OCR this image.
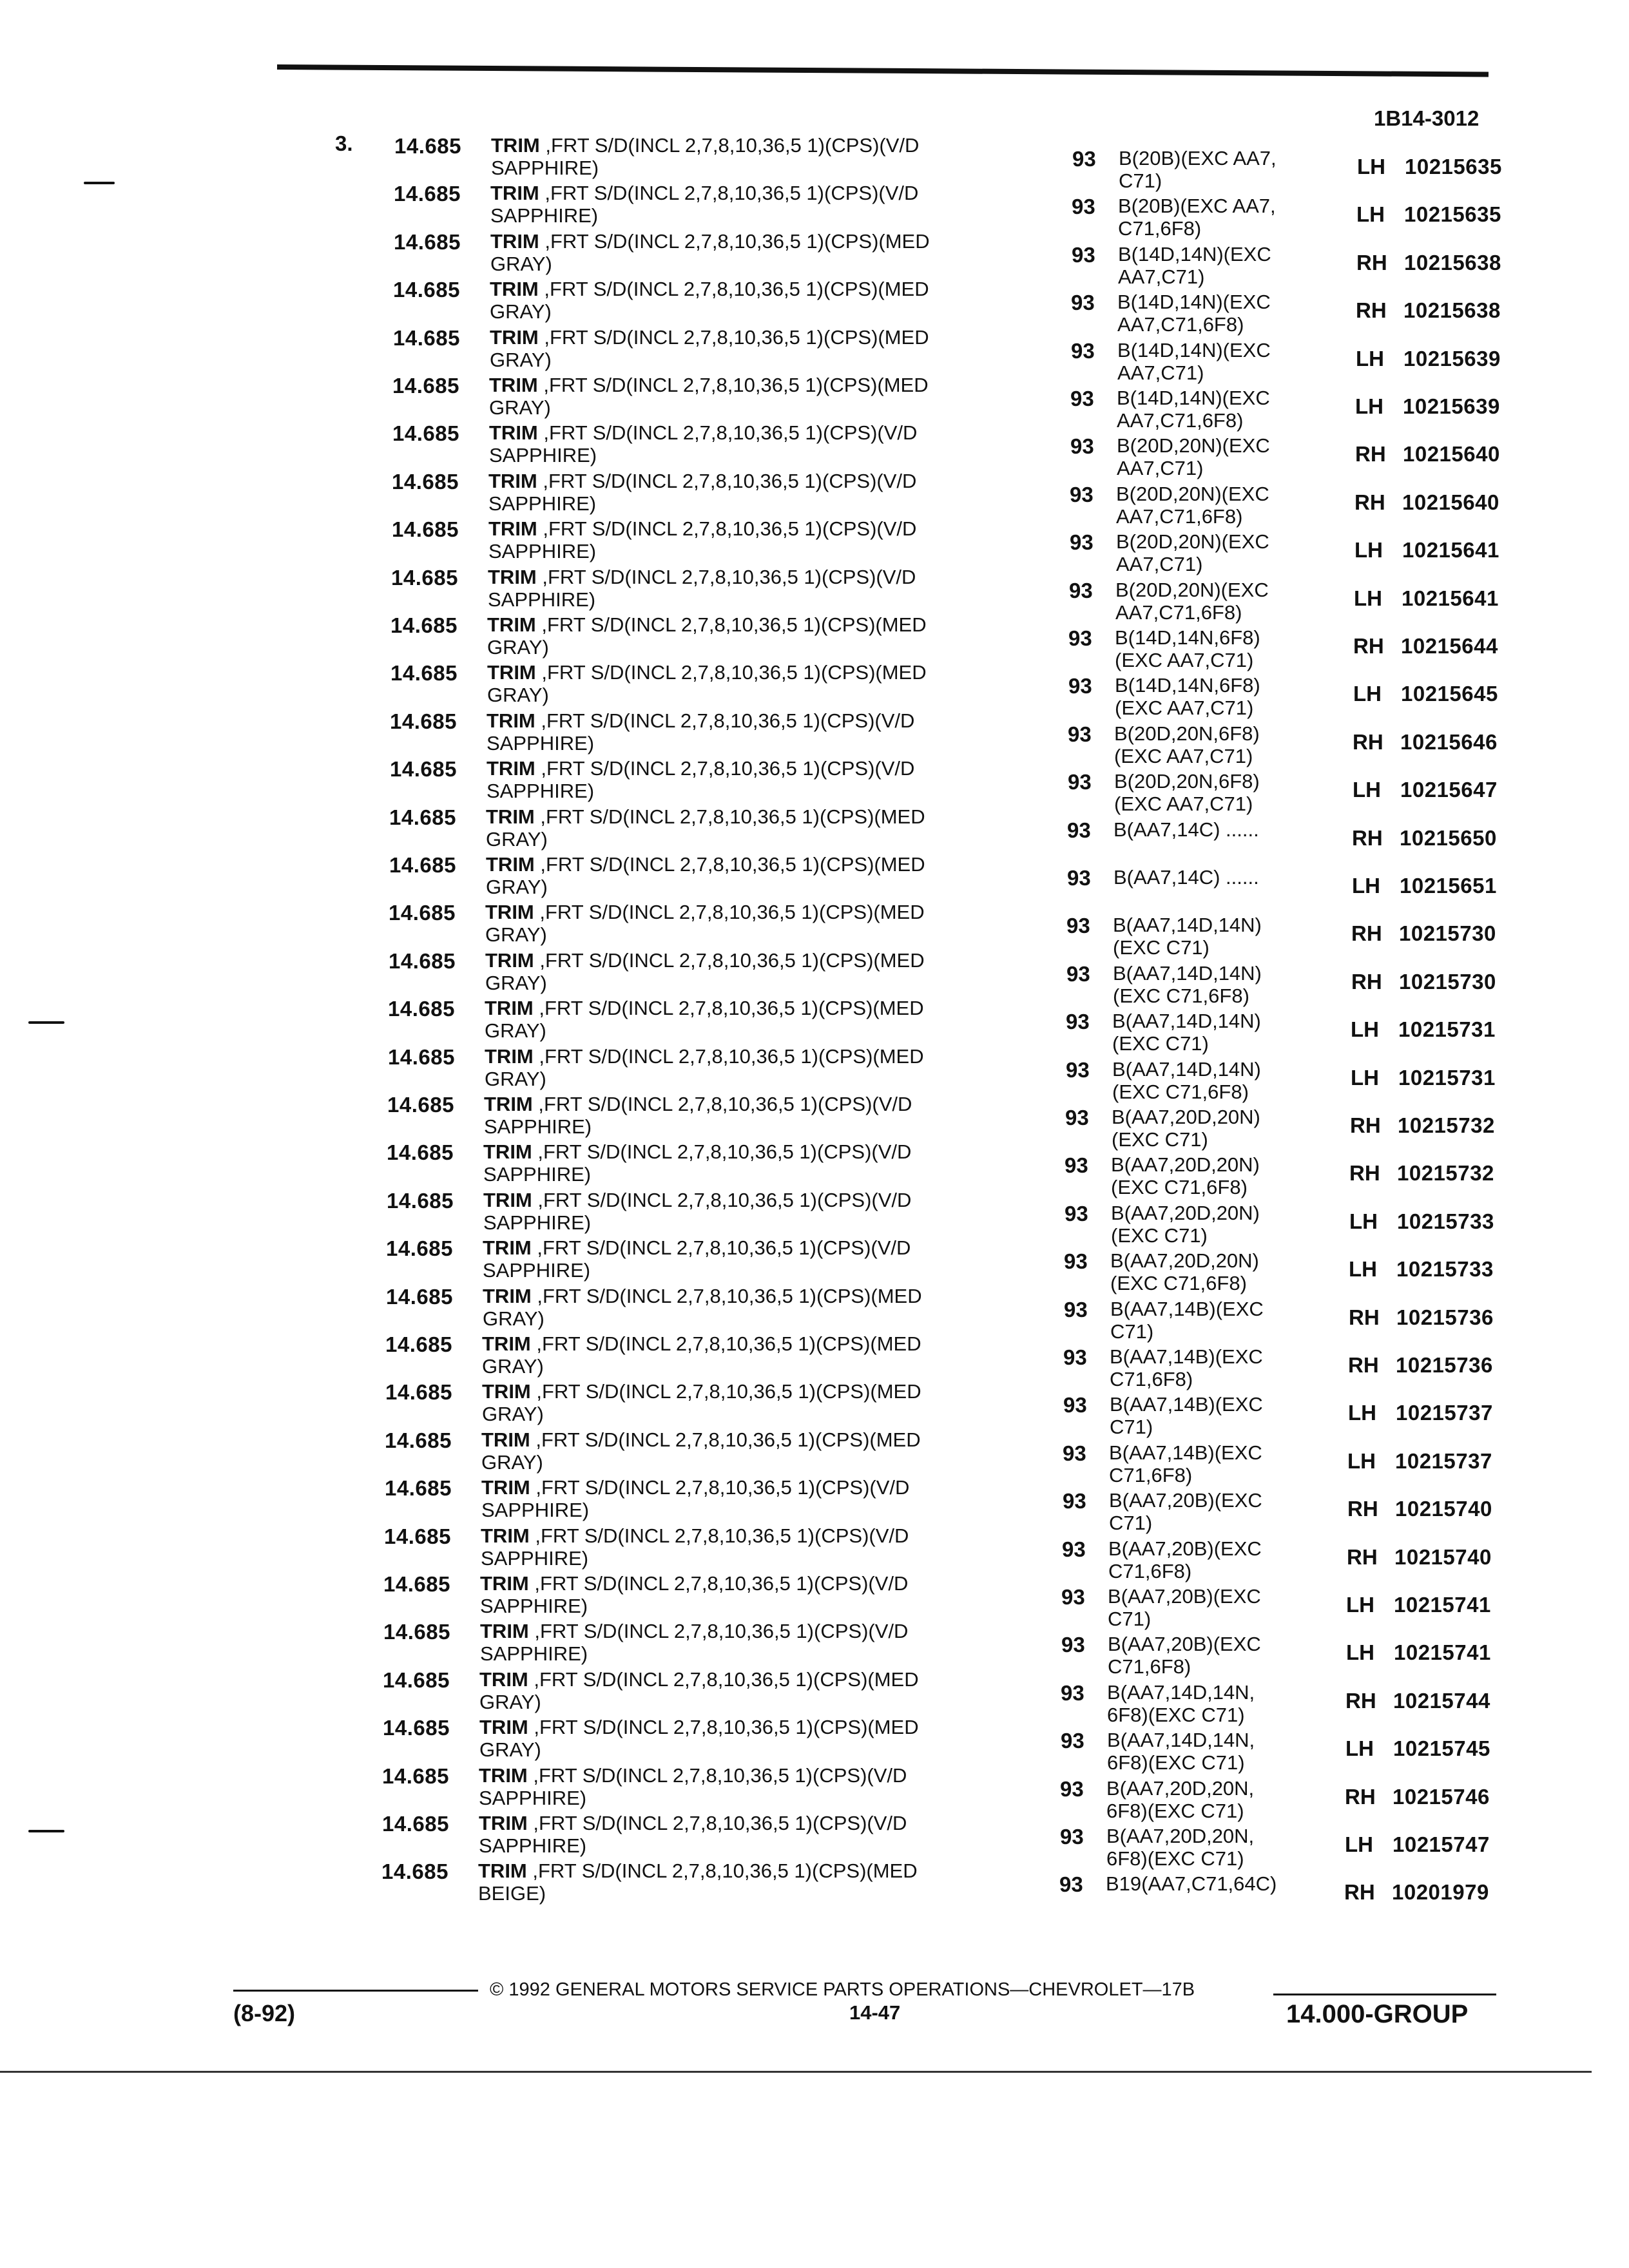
1B14-3012
3. 14.685 TRIM ,FRT S/D(INCL 2,7,8,10,36,5 1)(CPS)(V/D
SAPPHIRE)	93 B(20B)(EXC AA7,
C71)
LH 10215635
14.685 TRIM ,FRT S/D(INCL 2,7,8,10,36,5 1)(CPS)(V/D
SAPPHIRE)	93 B(20B)(EXC AA7,
C71,6F8)
LH 10215635
14.685 TRIM ,FRT S/D(INCL 2,7,8,10,36,5 1)(CPS)(MED
GRAY)	93 B(14D,14N)(EXC
AA7,C71)
RH 10215638
14.685 TRIM ,FRT S/D(INCL 2,7,8,10,36,5 1)(CPS)(MED
GRAY)	93 B(14D,14N)(EXC
AA7,C71,6F8)
RH 10215638
14.685 TRIM ,FRT S/D(INCL 2,7,8,10,36,5 1)(CPS)(MED
GRAY)	93 B(14D,14N)(EXC
AA7,C71)
LH 10215639
14.685 TRIM ,FRT S/D(INCL 2,7,8,10,36,5 1)(CPS)(MED
GRAY)	93 B(14D,14N)(EXC
AA7,C71,6F8)
LH 10215639
14.685 TRIM ,FRT S/D(INCL 2,7,8,10,36,5 1)(CPS)(V/D
SAPPHIRE)	93 B(20D,20N)(EXC
AA7,C71)
RH 10215640
14.685 TRIM ,FRT S/D(INCL 2,7,8,10,36,5 1)(CPS)(V/D
SAPPHIRE)	93 B(20D,20N)(EXC
AA7,C71,6F8)
RH 10215640
14.685 TRIM ,FRT S/D(INCL 2,7,8,10,36,5 1)(CPS)(V/D
SAPPHIRE)	93 B(20D,20N)(EXC
AA7,C71)
LH 10215641
14.685 TRIM ,FRT S/D(INCL 2,7,8,10,36,5 1)(CPS)(V/D
SAPPHIRE)	93 B(20D,20N)(EXC
AA7,C71,6F8)
LH 10215641
14.685 TRIM ,FRT S/D(INCL 2,7,8,10,36,5 1)(CPS)(MED
GRAY)	93 B(14D,14N,6F8)
(EXC AA7,C71)
RH 10215644
14.685 TRIM ,FRT S/D(INCL 2,7,8,10,36,5 1)(CPS)(MED
GRAY)	93 B(14D,14N,6F8)
(EXC AA7,C71)
LH 10215645
14.685 TRIM ,FRT S/D(INCL 2,7,8,10,36,5 1)(CPS)(V/D
SAPPHIRE)	93 B(20D,20N,6F8)
(EXC AA7,C71)
RH 10215646
14.685 TRIM ,FRT S/D(INCL 2,7,8,10,36,5 1)(CPS)(V/D
SAPPHIRE)	93 B(20D,20N,6F8)
(EXC AA7,C71)
LH 10215647
14.685 TRIM ,FRT S/D(INCL 2,7,8,10,36,5 1)(CPS)(MED
GRAY)	93 B(AA7,14C) ......	RH 10215650
14.685 TRIM ,FRT S/D(INCL 2,7,8,10,36,5 1)(CPS)(MED
GRAY)	93 B(AA7,14C) ......	LH 10215651
14.685 TRIM ,FRT S/D(INCL 2,7,8,10,36,5 1)(CPS)(MED
GRAY)	93 B(AA7,14D,14N)
(EXC C71)
RH 10215730
14.685 TRIM ,FRT S/D(INCL 2,7,8,10,36,5 1)(CPS)(MED
GRAY)	93 B(AA7,14D,14N)
(EXC C71,6F8)
RH 10215730
14.685 TRIM ,FRT S/D(INCL 2,7,8,10,36,5 1)(CPS)(MED
GRAY)	93 B(AA7,14D,14N)
(EXC C71)
LH 10215731
14.685 TRIM ,FRT S/D(INCL 2,7,8,10,36,5 1)(CPS)(MED
GRAY)	93 B(AA7,14D,14N)
(EXC C71,6F8)
LH 10215731
14.685 TRIM ,FRT S/D(INCL 2,7,8,10,36,5 1)(CPS)(V/D
SAPPHIRE)	93 B(AA7,20D,20N)
(EXC C71)
RH 10215732
14.685 TRIM ,FRT S/D(INCL 2,7,8,10,36,5 1)(CPS)(V/D
SAPPHIRE)	93 B(AA7,20D,20N)
(EXC C71,6F8)
RH 10215732
14.685 TRIM ,FRT S/D(INCL 2,7,8,10,36,5 1)(CPS)(V/D
SAPPHIRE)	93 B(AA7,20D,20N)
(EXC C71)
LH 10215733
14.685 TRIM ,FRT S/D(INCL 2,7,8,10,36,5 1)(CPS)(V/D
SAPPHIRE)	93 B(AA7,20D,20N)
(EXC C71,6F8)
LH 10215733
14.685 TRIM ,FRT S/D(INCL 2,7,8,10,36,5 1)(CPS)(MED
GRAY)	93 B(AA7,14B)(EXC
C71)
RH 10215736
14.685 TRIM ,FRT S/D(INCL 2,7,8,10,36,5 1)(CPS)(MED
GRAY)	93 B(AA7,14B)(EXC
C71,6F8)
RH 10215736
14.685 TRIM ,FRT S/D(INCL 2,7,8,10,36,5 1)(CPS)(MED
GRAY)	93 B(AA7,14B)(EXC
C71)
LH 10215737
14.685 TRIM ,FRT S/D(INCL 2,7,8,10,36,5 1)(CPS)(MED
GRAY)	93 B(AA7,14B)(EXC
C71,6F8)
LH 10215737
14.685 TRIM ,FRT S/D(INCL 2,7,8,10,36,5 1)(CPS)(V/D
SAPPHIRE)	93 B(AA7,20B)(EXC
C71)
RH 10215740
14.685 TRIM ,FRT S/D(INCL 2,7,8,10,36,5 1)(CPS)(V/D
SAPPHIRE)	93 B(AA7,20B)(EXC
C71,6F8)
RH 10215740
14.685 TRIM ,FRT S/D(INCL 2,7,8,10,36,5 1)(CPS)(V/D
SAPPHIRE)	93 B(AA7,20B)(EXC
C71)
LH 10215741
14.685 TRIM ,FRT S/D(INCL 2,7,8,10,36,5 1)(CPS)(V/D
SAPPHIRE)	93 B(AA7,20B)(EXC
C71,6F8)
LH 10215741
14.685 TRIM ,FRT S/D(INCL 2,7,8,10,36,5 1)(CPS)(MED
GRAY)	93 B(AA7,14D,14N,
6F8)(EXC C71)
RH 10215744
14.685 TRIM ,FRT S/D(INCL 2,7,8,10,36,5 1)(CPS)(MED
GRAY)	93 B(AA7,14D,14N,
6F8)(EXC C71)
LH 10215745
14.685 TRIM ,FRT S/D(INCL 2,7,8,10,36,5 1)(CPS)(V/D
SAPPHIRE)	93 B(AA7,20D,20N,
6F8)(EXC C71)
RH 10215746
14.685 TRIM ,FRT S/D(INCL 2,7,8,10,36,5 1)(CPS)(V/D
SAPPHIRE)	93 B(AA7,20D,20N,
6F8)(EXC C71)
LH 10215747
14.685 TRIM ,FRT S/D(INCL 2,7,8,10,36,5 1)(CPS)(MED
BEIGE)	93 B19(AA7,C71,64C)	RH 10201979
© 1992 GENERAL MOTORS SERVICE PARTS OPERATIONS—CHEVROLET—17B
(8-92)	14-47	14.000-GROUP
